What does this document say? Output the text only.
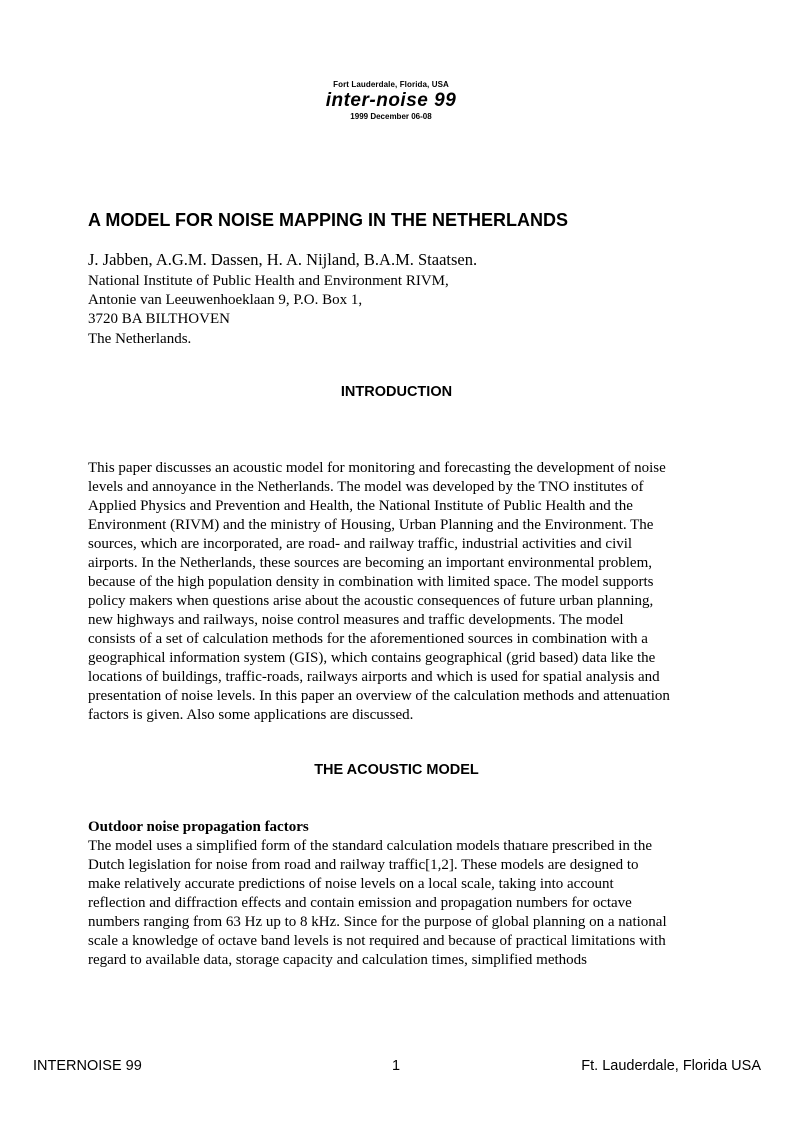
Fort Lauderdale, Florida, USA
inter-noise 99
1999 December 06-08
A MODEL FOR NOISE MAPPING IN THE NETHERLANDS
J. Jabben, A.G.M. Dassen, H. A. Nijland, B.A.M. Staatsen.
National Institute of Public Health and Environment RIVM,
Antonie van Leeuwenhoeklaan 9, P.O. Box 1,
3720 BA BILTHOVEN
The Netherlands.
INTRODUCTION

This paper discusses an acoustic model for monitoring and forecasting the development of noise
levels and annoyance in the Netherlands. The model was developed by the TNO institutes of
Applied Physics and Prevention and Health, the National Institute of Public Health and the
Environment (RIVM) and the ministry of Housing, Urban Planning and the Environment. The
sources, which are incorporated, are road- and railway traffic, industrial activities and civil
airports. In the Netherlands, these sources are becoming an important environmental problem,
because of the high population density in combination with limited space. The model supports
policy makers when questions arise about the acoustic consequences of future urban planning,
new highways and railways, noise control measures and traffic developments. The model
consists of a set of calculation methods for the aforementioned sources in combination with a
geographical information system (GIS), which contains geographical (grid based) data like the
locations of buildings, traffic-roads, railways airports and which is used for spatial analysis and
presentation of noise levels. In this paper an overview of the calculation methods and attenuation
factors is given. Also some applications are discussed.

THE ACOUSTIC MODEL
Outdoor noise propagation factors

The model uses a simplified form of the standard calculation models thatıare prescribed in the
Dutch legislation for noise from road and railway traffic[1,2]. These models are designed to
make relatively accurate predictions of noise levels on a local scale, taking into account
reflection and diffraction effects and contain emission and propagation numbers for octave
numbers ranging from 63 Hz up to 8 kHz. Since for the purpose of global planning on a national
scale a knowledge of octave band levels is not required and because of practical limitations with
regard to available data, storage capacity and calculation times, simplified methods

INTERNOISE 99	1	Ft. Lauderdale, Florida USA
